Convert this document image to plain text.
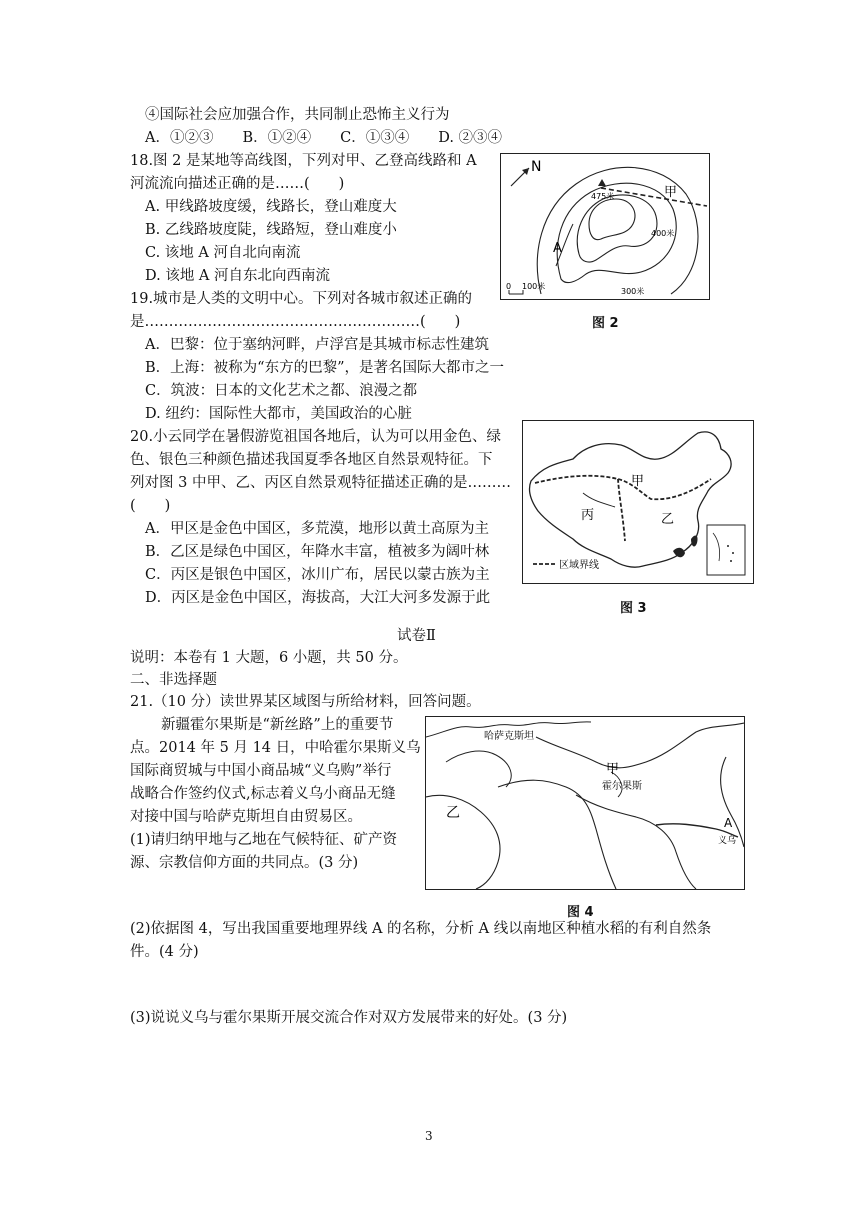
④国际社会应加强合作，共同制止恐怖主义行为
A．①②③　　B．①②④　　C．①③④　　D. ②③④
18.图 2 是某地等高线图，下列对甲、乙登高线路和 A
河流流向描述正确的是……(　　)
A. 甲线路坡度缓，线路长，登山难度大
B. 乙线路坡度陡，线路短，登山难度小
C. 该地 A 河自北向南流
D. 该地 A 河自东北向西南流
N
甲
475米
400米
300米
A
0 100米
图 2
19.城市是人类的文明中心。下列对各城市叙述正确的
是…………………………………………………(　　)
A．巴黎：位于塞纳河畔，卢浮宫是其城市标志性建筑
B．上海：被称为“东方的巴黎”，是著名国际大都市之一
C．筑波：日本的文化艺术之都、浪漫之都
D. 纽约：国际性大都市，美国政治的心脏
20.小云同学在暑假游览祖国各地后，认为可以用金色、绿
色、银色三种颜色描述我国夏季各地区自然景观特征。下
列对图 3 中甲、乙、丙区自然景观特征描述正确的是………
(　　)
A．甲区是金色中国区，多荒漠，地形以黄土高原为主
B．乙区是绿色中国区，年降水丰富，植被多为阔叶林
C．丙区是银色中国区，冰川广布，居民以蒙古族为主
D．丙区是金色中国区，海拔高，大江大河多发源于此
甲
乙
丙
区域界线
图 3
试卷Ⅱ
说明：本卷有 1 大题，6 小题，共 50 分。
二、非选择题
21.（10 分）读世界某区域图与所给材料，回答问题。
新疆霍尔果斯是“新丝路”上的重要节
点。2014 年 5 月 14 日，中哈霍尔果斯义乌
国际商贸城与中国小商品城“义乌购”举行
战略合作签约仪式,标志着义乌小商品无缝
对接中国与哈萨克斯坦自由贸易区。
(1)请归纳甲地与乙地在气候特征、矿产资
源、宗教信仰方面的共同点。(3 分)
哈萨克斯坦
甲
霍尔果斯
乙
A
义乌
图 4
(2)依据图 4，写出我国重要地理界线 A 的名称，分析 A 线以南地区种植水稻的有利自然条
件。(4 分)
(3)说说义乌与霍尔果斯开展交流合作对双方发展带来的好处。(3 分)
3
